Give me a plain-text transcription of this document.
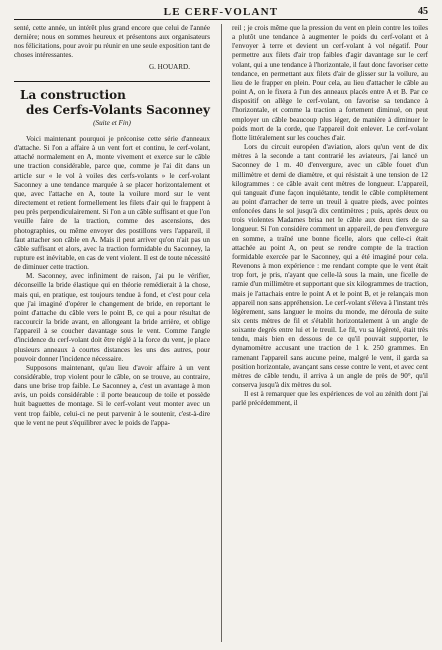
LE CERF-VOLANT	45

senté, cette année, un intérêt plus grand encore que celui de l'année dernière; nous en sommes heureux et présentons aux organisateurs nos félicitations, pour avoir pu réunir en une seule exposition tant de choses intéressantes.

G. HOUARD.

La construction
des Cerfs-Volants Saconney
(Suite et Fin)

Voici maintenant pourquoi je préconise cette série d'anneaux d'attache. Si l'on a affaire à un vent fort et continu, le cerf-volant, attaché normalement en A, monte vivement et exerce sur le câble une traction considérable, parce que, comme je l'ai dit dans un article sur « le vol à voiles des cerfs-volants » le cerf-volant Saconney a une tendance marquée à se placer horizontalement et que, avec l'attache en A, toute la voilure mord sur le vent directement et retient formellement les filets d'air qui le frappent à peu près perpendiculairement. Si l'on a un câble suffisant et que l'on veuille faire de la traction, comme des ascensions, des photographies, ou même envoyer des postillons vers l'appareil, il faut attacher son câble en A. Mais il peut arriver qu'on n'ait pas un câble suffisant et alors, avec la traction formidable du Saconney, la rupture est inévitable, en cas de vent violent. Il est de toute nécessité de diminuer cette traction.

M. Saconney, avec infiniment de raison, j'ai pu le vérifier, déconseille la bride élastique qui en théorie remédierait à la chose, mais qui, en pratique, est toujours tendue à fond, et c'est pour cela que j'ai imaginé d'opérer le changement de bride, en reportant le point d'attache du câble vers le point B, ce qui a pour résultat de raccourcir la bride avant, en allongeant la bride arrière, et oblige l'appareil à se coucher davantage sous le vent. Comme l'angle d'incidence du cerf-volant doit être réglé à la force du vent, je place plusieurs anneaux à courtes distances les uns des autres, pour pouvoir donner l'incidence nécessaire.

Supposons maintenant, qu'au lieu d'avoir affaire à un vent considérable, trop violent pour le câble, on se trouve, au contraire, dans une brise trop faible. Le Saconney a, c'est un avantage à mon avis, un poids considérable : il porte beaucoup de toile et possède huit baguettes de montage. Si le cerf-volant veut monter avec un vent trop faible, celui-ci ne peut parvenir à le soutenir, c'est-à-dire que le vent ne peut s'équilibrer avec le poids de l'appa-

reil ; je crois même que la pression du vent en plein contre les toiles a plutôt une tendance à augmenter le poids du cerf-volant et à l'envoyer à terre et devient un cerf-volant à vol négatif. Pour permettre aux filets d'air trop faibles d'agir davantage sur le cerf volant, qui a une tendance à l'horizontale, il faut donc favoriser cette tendance, en permettant aux filets d'air de glisser sur la voilure, au lieu de le frapper en plein. Pour cela, au lieu d'attacher le câble au point A, on le fixera à l'un des anneaux placés entre A et B. Par ce dispositif on allège le cerf-volant, on favorise sa tendance à l'horizontale, et comme la traction a fortement diminué, on peut employer un câble beaucoup plus léger, de manière à diminuer le poids mort de la corde, que l'appareil doit enlever. Le cerf-volant flotte littéralement sur les couches d'air.

Lors du circuit européen d'aviation, alors qu'un vent de dix mètres à la seconde a tant contrarié les aviateurs, j'ai lancé un Saconney de 1 m. 40 d'envergure, avec un câble fouet d'un millimètre et demi de diamètre, et qui résistait à une tension de 12 kilogrammes : ce câble avait cent mètres de longueur. L'appareil, qui tanguait d'une façon inquiétante, tendit le câble complètement au point d'arracher de terre un treuil à quatre pieds, avec pointes enfoncées dans le sol jusqu'à dix centimètres ; puis, après deux ou trois violentes Madames brisa net le câble aux deux tiers de sa longueur. Si l'on considère comment un appareil, de peu d'envergure en somme, a traîné une bonne ficelle, alors que celle-ci était attachée au point A, on peut se rendre compte de la traction formidable exercée par le Saconney, qui a été imaginé pour cela. Revenons à mon expérience : me rendant compte que le vent était trop fort, je pris, n'ayant que celle-là sous la main, une ficelle de ramie d'un millimètre et supportant que six kilogrammes de traction, mais je l'attachais entre le point A et le point B, et je relançais mon appareil non sans appréhension. Le cerf-volant s'éleva à l'instant très légèrement, sans languer le moins du monde, me déroula de suite six cents mètres de fil et s'établit horizontalement à un angle de soixante degrés entre lui et le treuil. Le fil, vu sa légèreté, était très tendu, mais bien en dessous de ce qu'il pouvait supporter, le dynamomètre accusant une traction de 1 k. 250 grammes. En ramenant l'appareil sans aucune peine, malgré le vent, il garda sa position horizontale, avançant sans cesse contre le vent, et avec cent mètres de câble tendu, il arriva à un angle de près de 90°, qu'il conserva jusqu'à dix mètres du sol.

Il est à remarquer que les expériences de vol au zénith dont j'ai parlé précédemment, il
